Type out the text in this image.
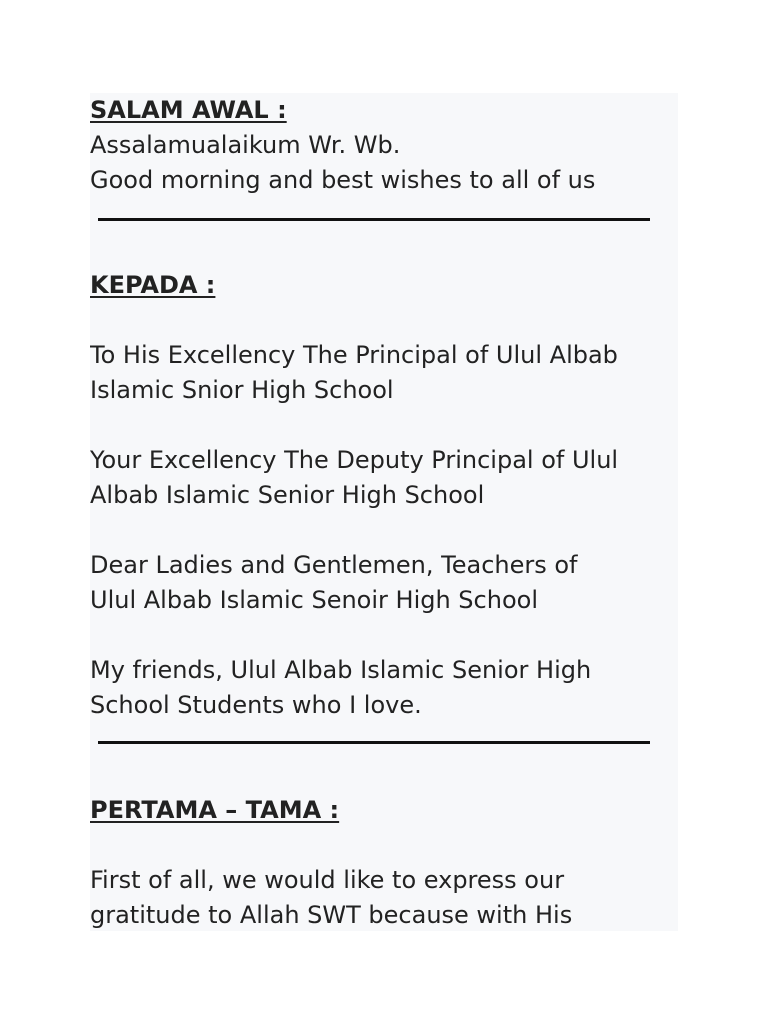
SALAM AWAL :

Assalamualaikum Wr. Wb.

Good morning and best wishes to all of us

KEPADA :

To His Excellency The Principal of Ulul Albab

Islamic Snior High School

Your Excellency The Deputy Principal of Ulul

Albab Islamic Senior High School

Dear Ladies and Gentlemen, Teachers of

Ulul Albab Islamic Senoir High School

My friends, Ulul Albab Islamic Senior High

School Students who I love.

PERTAMA – TAMA :

First of all, we would like to express our

gratitude to Allah SWT because with His
